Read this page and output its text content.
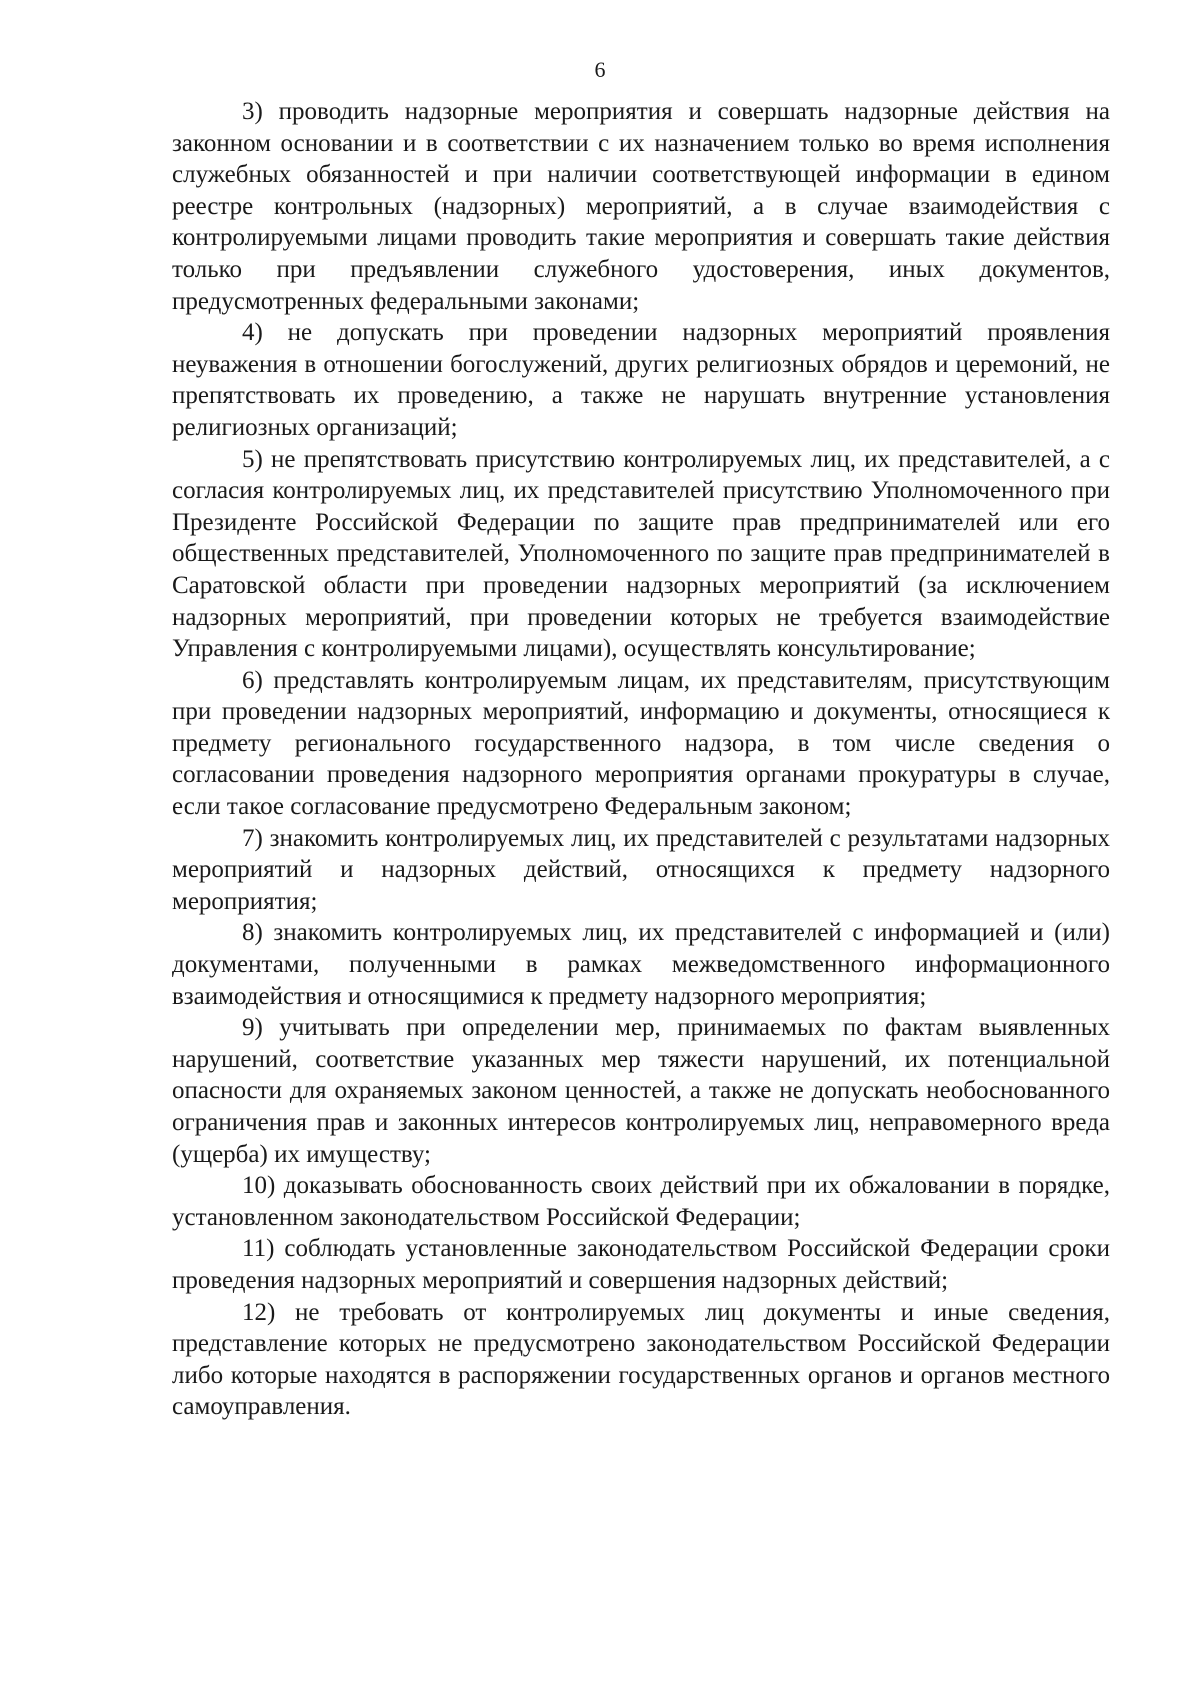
6

3) проводить надзорные мероприятия и совершать надзорные действия на законном основании и в соответствии с их назначением только во время исполнения служебных обязанностей и при наличии соответствующей информации в едином реестре контрольных (надзорных) мероприятий, а в случае взаимодействия с контролируемыми лицами проводить такие мероприятия и совершать такие действия только при предъявлении служебного удостоверения, иных документов, предусмотренных федеральными законами;

4) не допускать при проведении надзорных мероприятий проявления неуважения в отношении богослужений, других религиозных обрядов и церемоний, не препятствовать их проведению, а также не нарушать внутренние установления религиозных организаций;

5) не препятствовать присутствию контролируемых лиц, их представителей, а с согласия контролируемых лиц, их представителей присутствию Уполномоченного при Президенте Российской Федерации по защите прав предпринимателей или его общественных представителей, Уполномоченного по защите прав предпринимателей в Саратовской области при проведении надзорных мероприятий (за исключением надзорных мероприятий, при проведении которых не требуется взаимодействие Управления с контролируемыми лицами), осуществлять консультирование;

6) представлять контролируемым лицам, их представителям, присутствующим при проведении надзорных мероприятий, информацию и документы, относящиеся к предмету регионального государственного надзора, в том числе сведения о согласовании проведения надзорного мероприятия органами прокуратуры в случае, если такое согласование предусмотрено Федеральным законом;

7) знакомить контролируемых лиц, их представителей с результатами надзорных мероприятий и надзорных действий, относящихся к предмету надзорного мероприятия;

8) знакомить контролируемых лиц, их представителей с информацией и (или) документами, полученными в рамках межведомственного информационного взаимодействия и относящимися к предмету надзорного мероприятия;

9) учитывать при определении мер, принимаемых по фактам выявленных нарушений, соответствие указанных мер тяжести нарушений, их потенциальной опасности для охраняемых законом ценностей, а также не допускать необоснованного ограничения прав и законных интересов контролируемых лиц, неправомерного вреда (ущерба) их имуществу;

10) доказывать обоснованность своих действий при их обжаловании в порядке, установленном законодательством Российской Федерации;

11) соблюдать установленные законодательством Российской Федерации сроки проведения надзорных мероприятий и совершения надзорных действий;

12) не требовать от контролируемых лиц документы и иные сведения, представление которых не предусмотрено законодательством Российской Федерации либо которые находятся в распоряжении государственных органов и органов местного самоуправления.
